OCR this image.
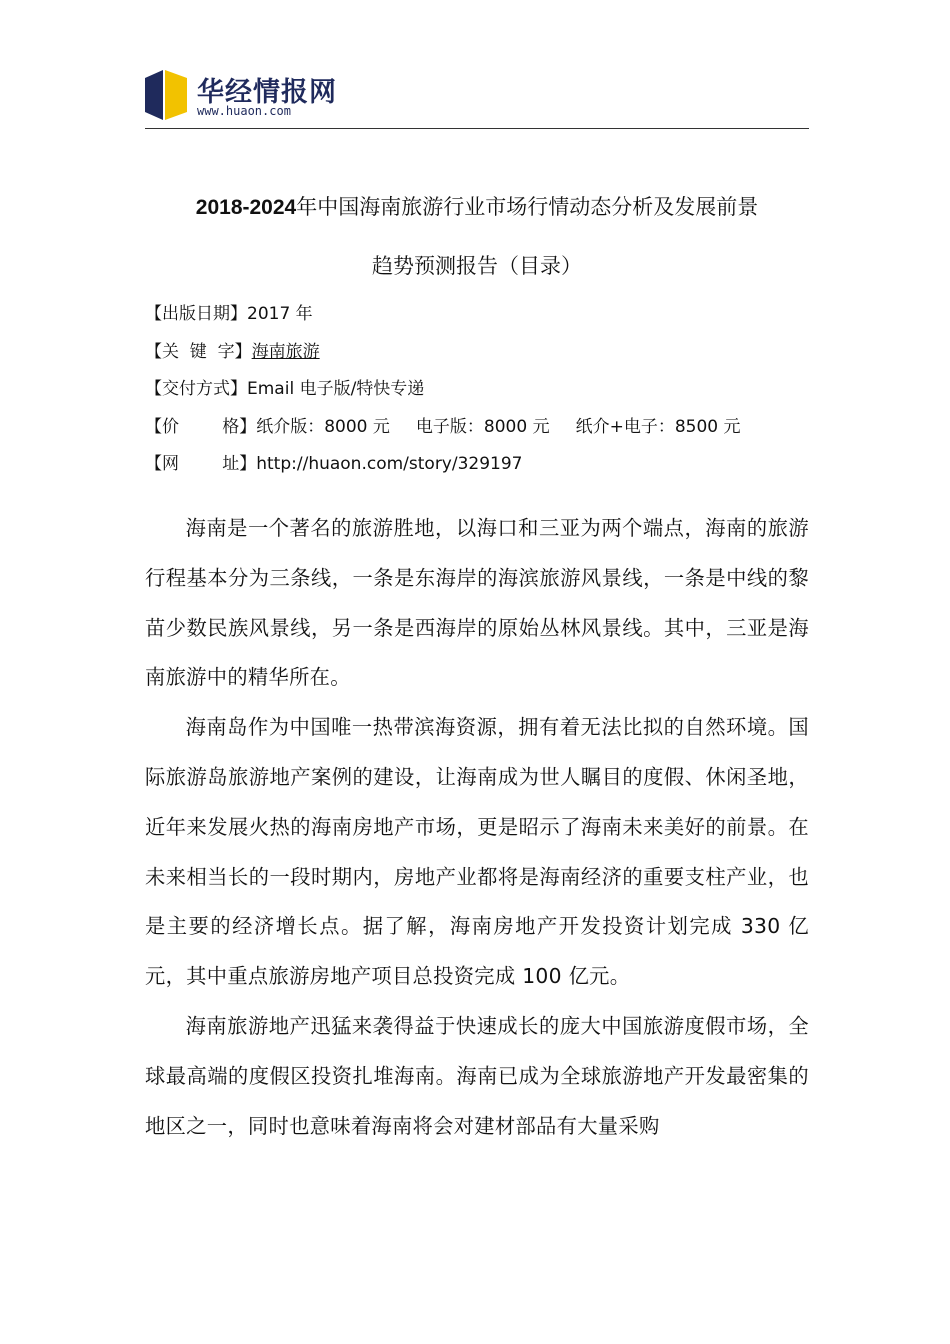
华经情报网
www.huaon.com
2018-2024年中国海南旅游行业市场行情动态分析及发展前景
趋势预测报告（目录）
【出版日期】2017 年
【关  键  字】海南旅游
【交付方式】Email 电子版/特快专递
【价        格】纸介版：8000 元 电子版：8000 元 纸介+电子：8500 元
【网        址】http://huaon.com/story/329197

海南是一个著名的旅游胜地，以海口和三亚为两个端点，海南的旅游行程基本分为三条线，一条是东海岸的海滨旅游风景线，一条是中线的黎苗少数民族风景线，另一条是西海岸的原始丛林风景线。其中，三亚是海南旅游中的精华所在。

海南岛作为中国唯一热带滨海资源，拥有着无法比拟的自然环境。国际旅游岛旅游地产案例的建设，让海南成为世人瞩目的度假、休闲圣地，近年来发展火热的海南房地产市场，更是昭示了海南未来美好的前景。在未来相当长的一段时期内，房地产业都将是海南经济的重要支柱产业，也是主要的经济增长点。据了解，海南房地产开发投资计划完成 330 亿元，其中重点旅游房地产项目总投资完成 100 亿元。

海南旅游地产迅猛来袭得益于快速成长的庞大中国旅游度假市场，全球最高端的度假区投资扎堆海南。海南已成为全球旅游地产开发最密集的地区之一，同时也意味着海南将会对建材部品有大量采购
